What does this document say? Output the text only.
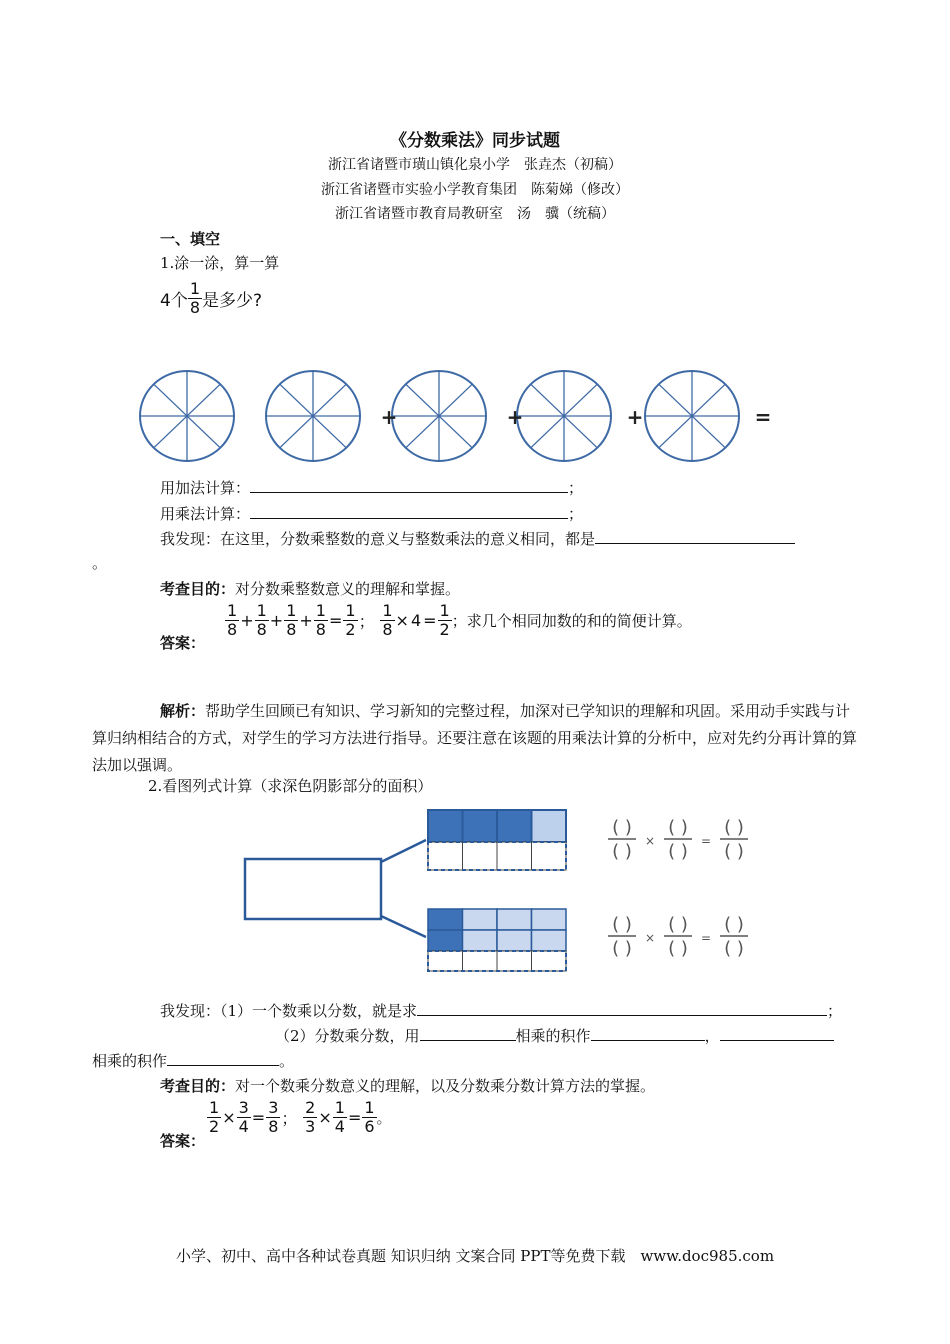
《分数乘法》同步试题
浙江省诸暨市璜山镇化泉小学　张垚杰（初稿）
浙江省诸暨市实验小学教育集团　陈菊娣（修改）
浙江省诸暨市教育局教研室　汤　骥（统稿）
一、填空
1.涂一涂，算一算
4个 $\frac{1}{8}$ 是多少?
+	+	+	=
用加法计算：	；
用乘法计算：	；
我发现：在这里，分数乘整数的意义与整数乘法的意义相同，都是
。
考查目的：对分数乘整数意义的理解和掌握。
答案：
$\frac{1}{8} + \frac{1}{8} + \frac{1}{8} + \frac{1}{8} = \frac{1}{2}$ ； $\frac{1}{8} \times 4 = \frac{1}{2}$ ；求几个相同加数的和的简便计算。
解析：帮助学生回顾已有知识、学习新知的完整过程，加深对已学知识的理解和巩固。采用动手实践与计算归纳相结合的方式，对学生的学习方法进行指导。还要注意在该题的用乘法计算的分析中，应对先约分再计算的算法加以强调。
2.看图列式计算（求深色阴影部分的面积）
( )
( ) ×
( )
( ) =
( )
( )
( )
( ) ×
( )
( ) =
( )
( )
我发现：（1）一个数乘以分数，就是求	；
（2）分数乘分数，用	相乘的积作	，
相乘的积作	。
考查目的：对一个数乘分数意义的理解，以及分数乘分数计算方法的掌握。
答案：
$\frac{1}{2} \times \frac{3}{4} = \frac{3}{8}$ ； $\frac{2}{3} \times \frac{1}{4} = \frac{1}{6}$ 。
小学、初中、高中各种试卷真题 知识归纳 文案合同 PPT等免费下载　www.doc985.com
